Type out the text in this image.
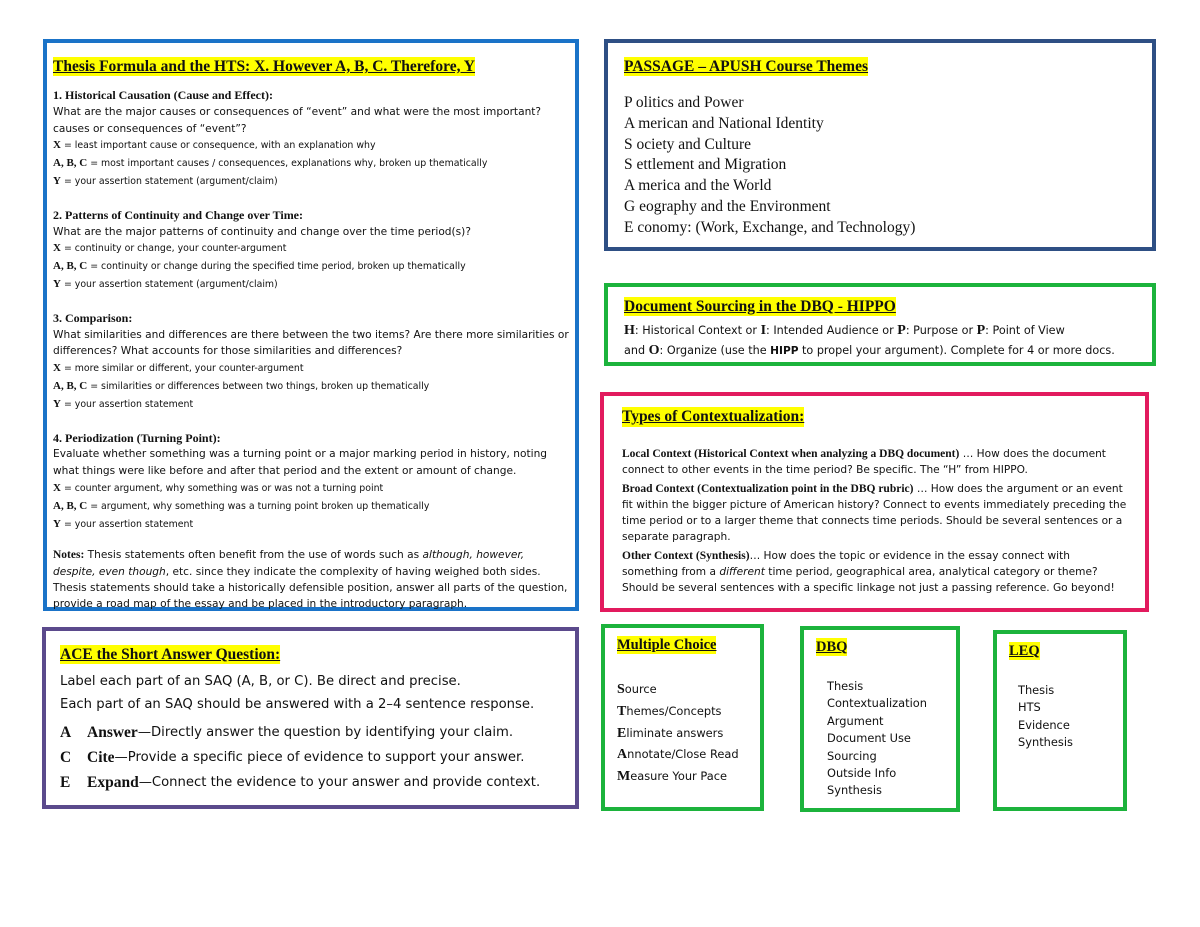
Thesis Formula and the HTS: X. However A, B, C. Therefore, Y
1. Historical Causation (Cause and Effect):
What are the major causes or consequences of “event” and what were the most important? causes or consequences of “event”?
X = least important cause or consequence, with an explanation why
A, B, C = most important causes / consequences, explanations why, broken up thematically
Y = your assertion statement (argument/claim)
2. Patterns of Continuity and Change over Time:
What are the major patterns of continuity and change over the time period(s)?
X = continuity or change, your counter-argument
A, B, C = continuity or change during the specified time period, broken up thematically
Y = your assertion statement (argument/claim)
3. Comparison:
What similarities and differences are there between the two items? Are there more similarities or differences? What accounts for those similarities and differences?
X = more similar or different, your counter-argument
A, B, C = similarities or differences between two things, broken up thematically
Y = your assertion statement
4. Periodization (Turning Point):
Evaluate whether something was a turning point or a major marking period in history, noting what things were like before and after that period and the extent or amount of change.
X = counter argument, why something was or was not a turning point
A, B, C = argument, why something was a turning point broken up thematically
Y = your assertion statement
Notes: Thesis statements often benefit from the use of words such as although, however, despite, even though, etc. since they indicate the complexity of having weighed both sides. Thesis statements should take a historically defensible position, answer all parts of the question, provide a road map of the essay and be placed in the introductory paragraph.
PASSAGE – APUSH Course Themes
P olitics and Power
A merican and National Identity
S ociety and Culture
S ettlement and Migration
A merica and the World
G eography and the Environment
E conomy: (Work, Exchange, and Technology)
Document Sourcing in the DBQ - HIPPO
H: Historical Context or I: Intended Audience or P: Purpose or P: Point of View
and O: Organize (use the HIPP to propel your argument). Complete for 4 or more docs.
Types of Contextualization:
Local Context (Historical Context when analyzing a DBQ document) … How does the document connect to other events in the time period? Be specific. The “H” from HIPPO.
Broad Context (Contextualization point in the DBQ rubric) … How does the argument or an event fit within the bigger picture of American history? Connect to events immediately preceding the time period or to a larger theme that connects time periods. Should be several sentences or a separate paragraph.
Other Context (Synthesis)… How does the topic or evidence in the essay connect with something from a different time period, geographical area, analytical category or theme? Should be several sentences with a specific linkage not just a passing reference. Go beyond!
ACE the Short Answer Question:
Label each part of an SAQ (A, B, or C). Be direct and precise.
Each part of an SAQ should be answered with a 2–4 sentence response.
A	Answer —Directly answer the question by identifying your claim.
C	Cite —Provide a specific piece of evidence to support your answer.
E	Expand —Connect the evidence to your answer and provide context.
Multiple Choice
Source
Themes/Concepts
Eliminate answers
Annotate/Close Read
Measure Your Pace
DBQ
Thesis
Contextualization
Argument
Document Use
Sourcing
Outside Info
Synthesis
LEQ
Thesis
HTS
Evidence
Synthesis
